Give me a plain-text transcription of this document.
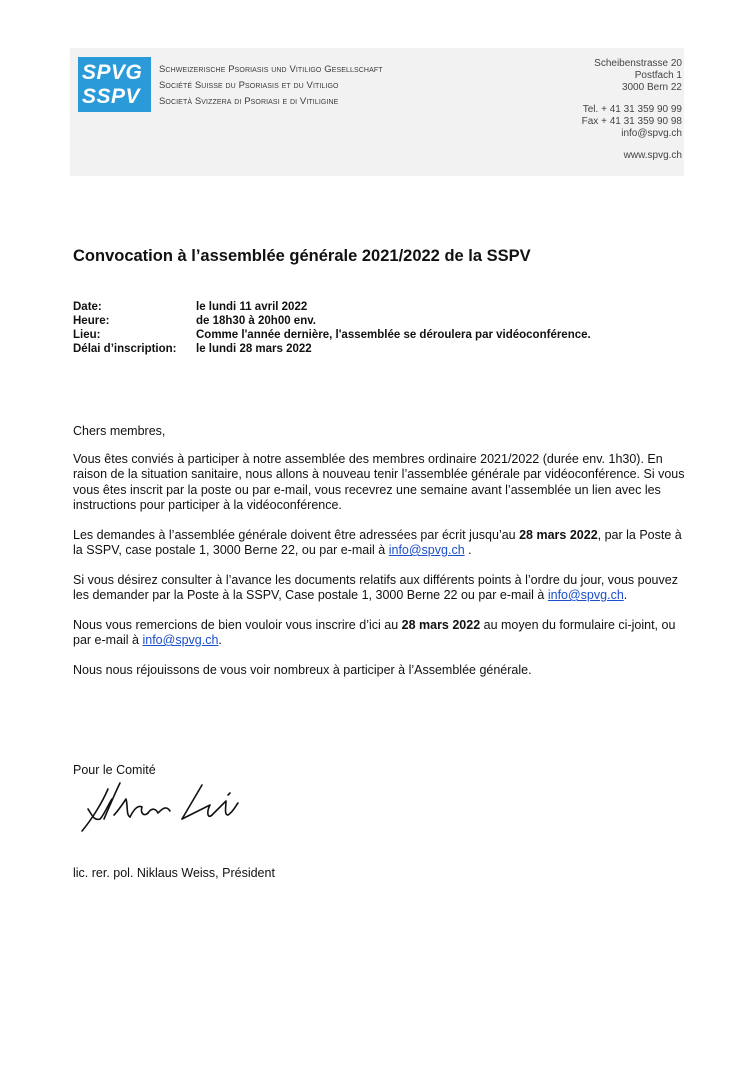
SPVG
SSPV
Schweizerische Psoriasis und Vitiligo Gesellschaft
Société Suisse du Psoriasis et du Vitiligo
Società Svizzera di Psoriasi e di Vitiligine
Scheibenstrasse 20
Postfach 1
3000 Bern 22
Tel. + 41 31 359 90 99
Fax + 41 31 359 90 98
info@spvg.ch
www.spvg.ch
Convocation à l’assemblée générale 2021/2022 de la SSPV
Date:	le lundi 11 avril 2022
Heure:	de 18h30 à 20h00 env.
Lieu:	Comme l'année dernière, l'assemblée se déroulera par vidéoconférence.
Délai d’inscription:	le lundi 28 mars 2022

Chers membres,

Vous êtes conviés à participer à notre assemblée des membres ordinaire 2021/2022 (durée env. 1h30). En raison de la situation sanitaire, nous allons à nouveau tenir l’assemblée générale par vidéoconférence. Si vous vous êtes inscrit par la poste ou par e-mail, vous recevrez une semaine avant l’assemblée un lien avec les instructions pour participer à la vidéoconférence.

Les demandes à l’assemblée générale doivent être adressées par écrit jusqu’au 28 mars 2022, par la Poste à la SSPV, case postale 1, 3000 Berne 22, ou par e-mail à info@spvg.ch .

Si vous désirez consulter à l’avance les documents relatifs aux différents points à l’ordre du jour, vous pouvez les demander par la Poste à la SSPV, Case postale 1, 3000 Berne 22 ou par e-mail à info@spvg.ch.

Nous vous remercions de bien vouloir vous inscrire d’ici au 28 mars 2022 au moyen du formulaire ci-joint, ou par e-mail à info@spvg.ch.

Nous nous réjouissons de vous voir nombreux à participer à l’Assemblée générale.

Pour le Comité
lic. rer. pol. Niklaus Weiss, Président
